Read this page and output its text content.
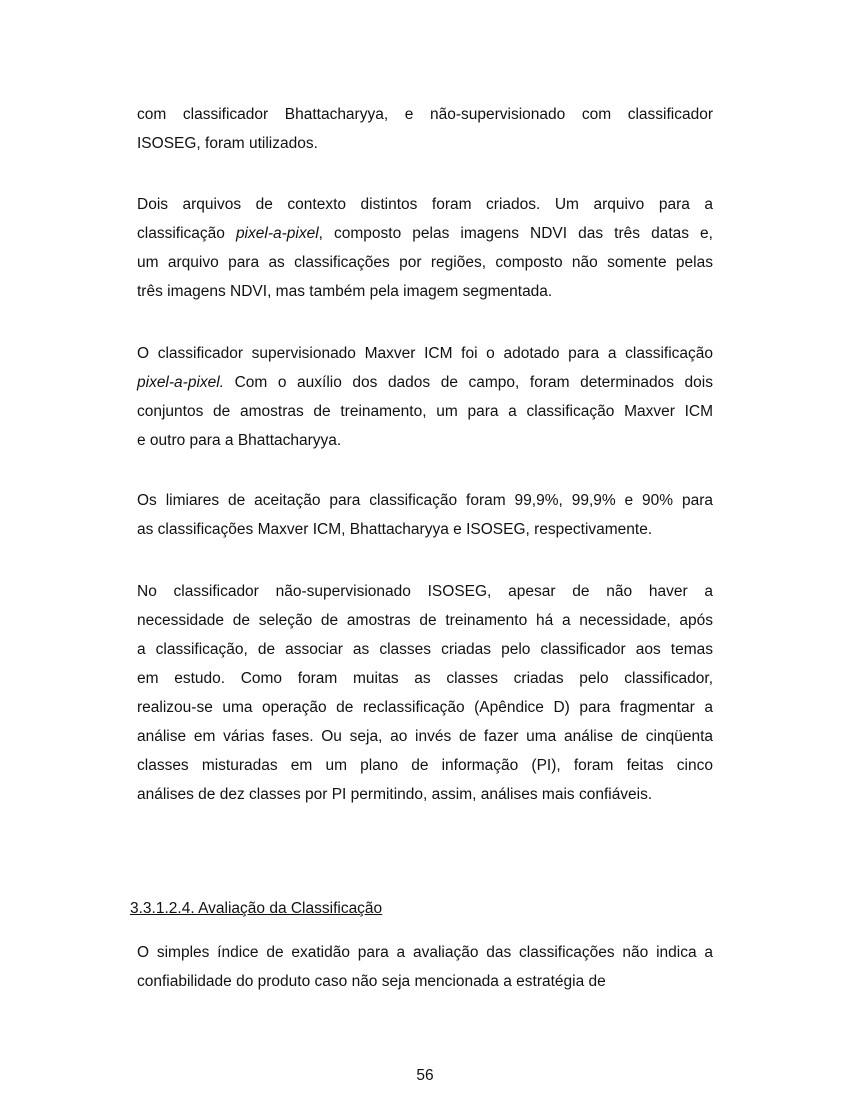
com classificador Bhattacharyya, e não-supervisionado com classificador
ISOSEG, foram utilizados.
Dois arquivos de contexto distintos foram criados. Um arquivo para a
classificação pixel-a-pixel, composto pelas imagens NDVI das três datas e,
um arquivo para as classificações por regiões, composto não somente pelas
três imagens NDVI, mas também pela imagem segmentada.
O classificador supervisionado Maxver ICM foi o adotado para a classificação
pixel-a-pixel. Com o auxílio dos dados de campo, foram determinados dois
conjuntos de amostras de treinamento, um para a classificação Maxver ICM
e outro para a Bhattacharyya.
Os limiares de aceitação para classificação foram 99,9%, 99,9% e 90% para
as classificações Maxver ICM, Bhattacharyya e ISOSEG, respectivamente.
No classificador não-supervisionado ISOSEG, apesar de não haver a
necessidade de seleção de amostras de treinamento há a necessidade, após
a classificação, de associar as classes criadas pelo classificador aos temas
em estudo. Como foram muitas as classes criadas pelo classificador,
realizou-se uma operação de reclassificação (Apêndice D) para fragmentar a
análise em várias fases. Ou seja, ao invés de fazer uma análise de cinqüenta
classes misturadas em um plano de informação (PI), foram feitas cinco
análises de dez classes por PI permitindo, assim, análises mais confiáveis.
3.3.1.2.4. Avaliação da Classificação
O simples índice de exatidão para a avaliação das classificações não indica a
confiabilidade do produto caso não seja mencionada a estratégia de
56
